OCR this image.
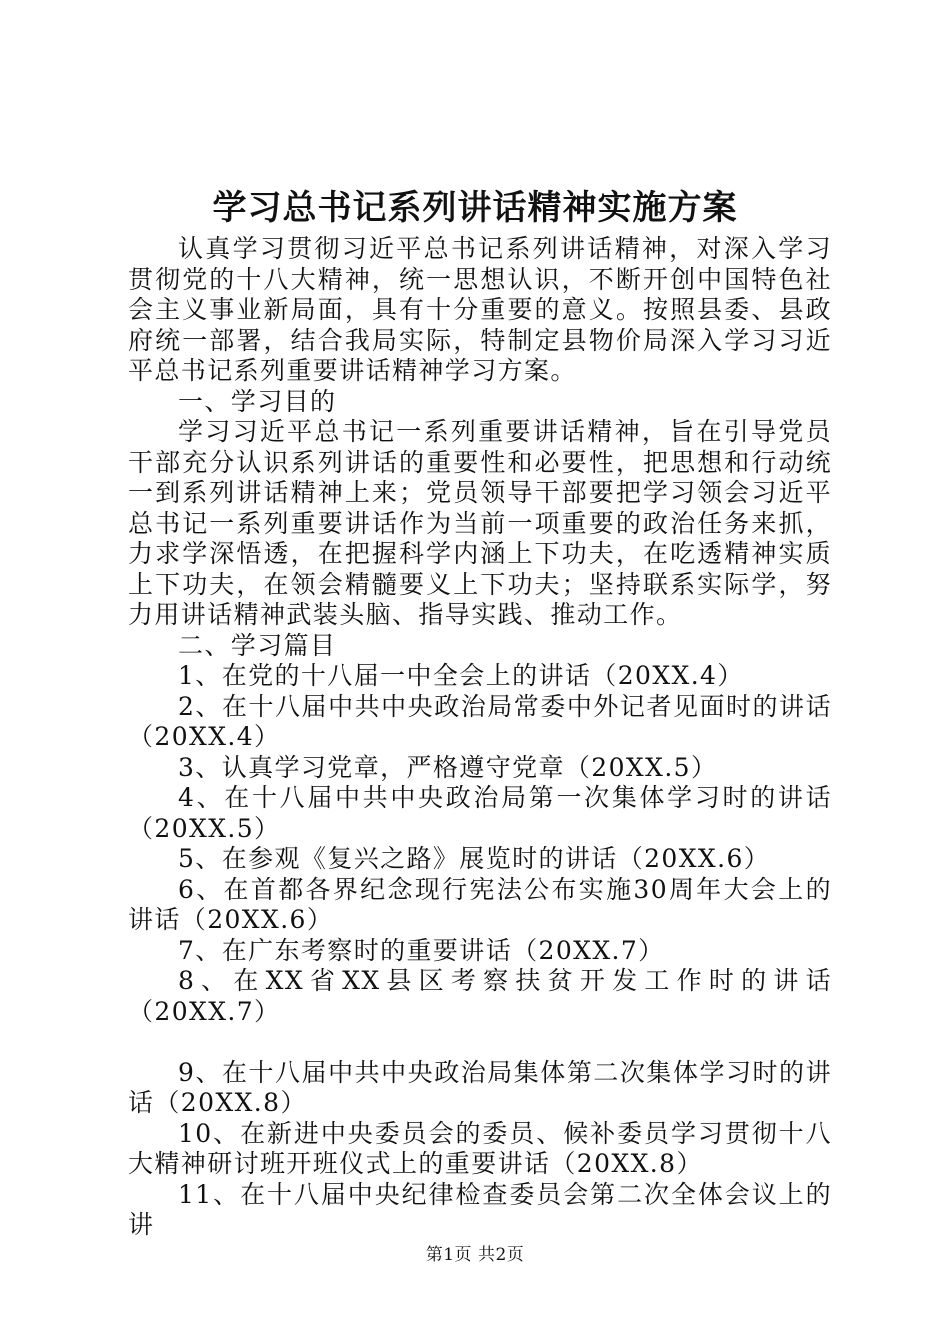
学习总书记系列讲话精神实施方案

认真学习贯彻习近平总书记系列讲话精神，对深入学习贯彻党的十八大精神，统一思想认识，不断开创中国特色社会主义事业新局面，具有十分重要的意义。按照县委、县政府统一部署，结合我局实际，特制定县物价局深入学习习近平总书记系列重要讲话精神学习方案。

一、学习目的

学习习近平总书记一系列重要讲话精神，旨在引导党员干部充分认识系列讲话的重要性和必要性，把思想和行动统一到系列讲话精神上来；党员领导干部要把学习领会习近平总书记一系列重要讲话作为当前一项重要的政治任务来抓，力求学深悟透，在把握科学内涵上下功夫，在吃透精神实质上下功夫，在领会精髓要义上下功夫；坚持联系实际学，努力用讲话精神武装头脑、指导实践、推动工作。

二、学习篇目

1、在党的十八届一中全会上的讲话（20XX.4）

2、在十八届中共中央政治局常委中外记者见面时的讲话（20XX.4）

3、认真学习党章，严格遵守党章（20XX.5）

4、在十八届中共中央政治局第一次集体学习时的讲话（20XX.5）

5、在参观《复兴之路》展览时的讲话（20XX.6）

6、在首都各界纪念现行宪法公布实施30周年大会上的讲话（20XX.6）

7、在广东考察时的重要讲话（20XX.7）

8、在XX省XX县区考察扶贫开发工作时的讲话（20XX.7）

9、在十八届中共中央政治局集体第二次集体学习时的讲话（20XX.8）

10、在新进中央委员会的委员、候补委员学习贯彻十八大精神研讨班开班仪式上的重要讲话（20XX.8）

11、在十八届中央纪律检查委员会第二次全体会议上的讲

第1页 共2页
